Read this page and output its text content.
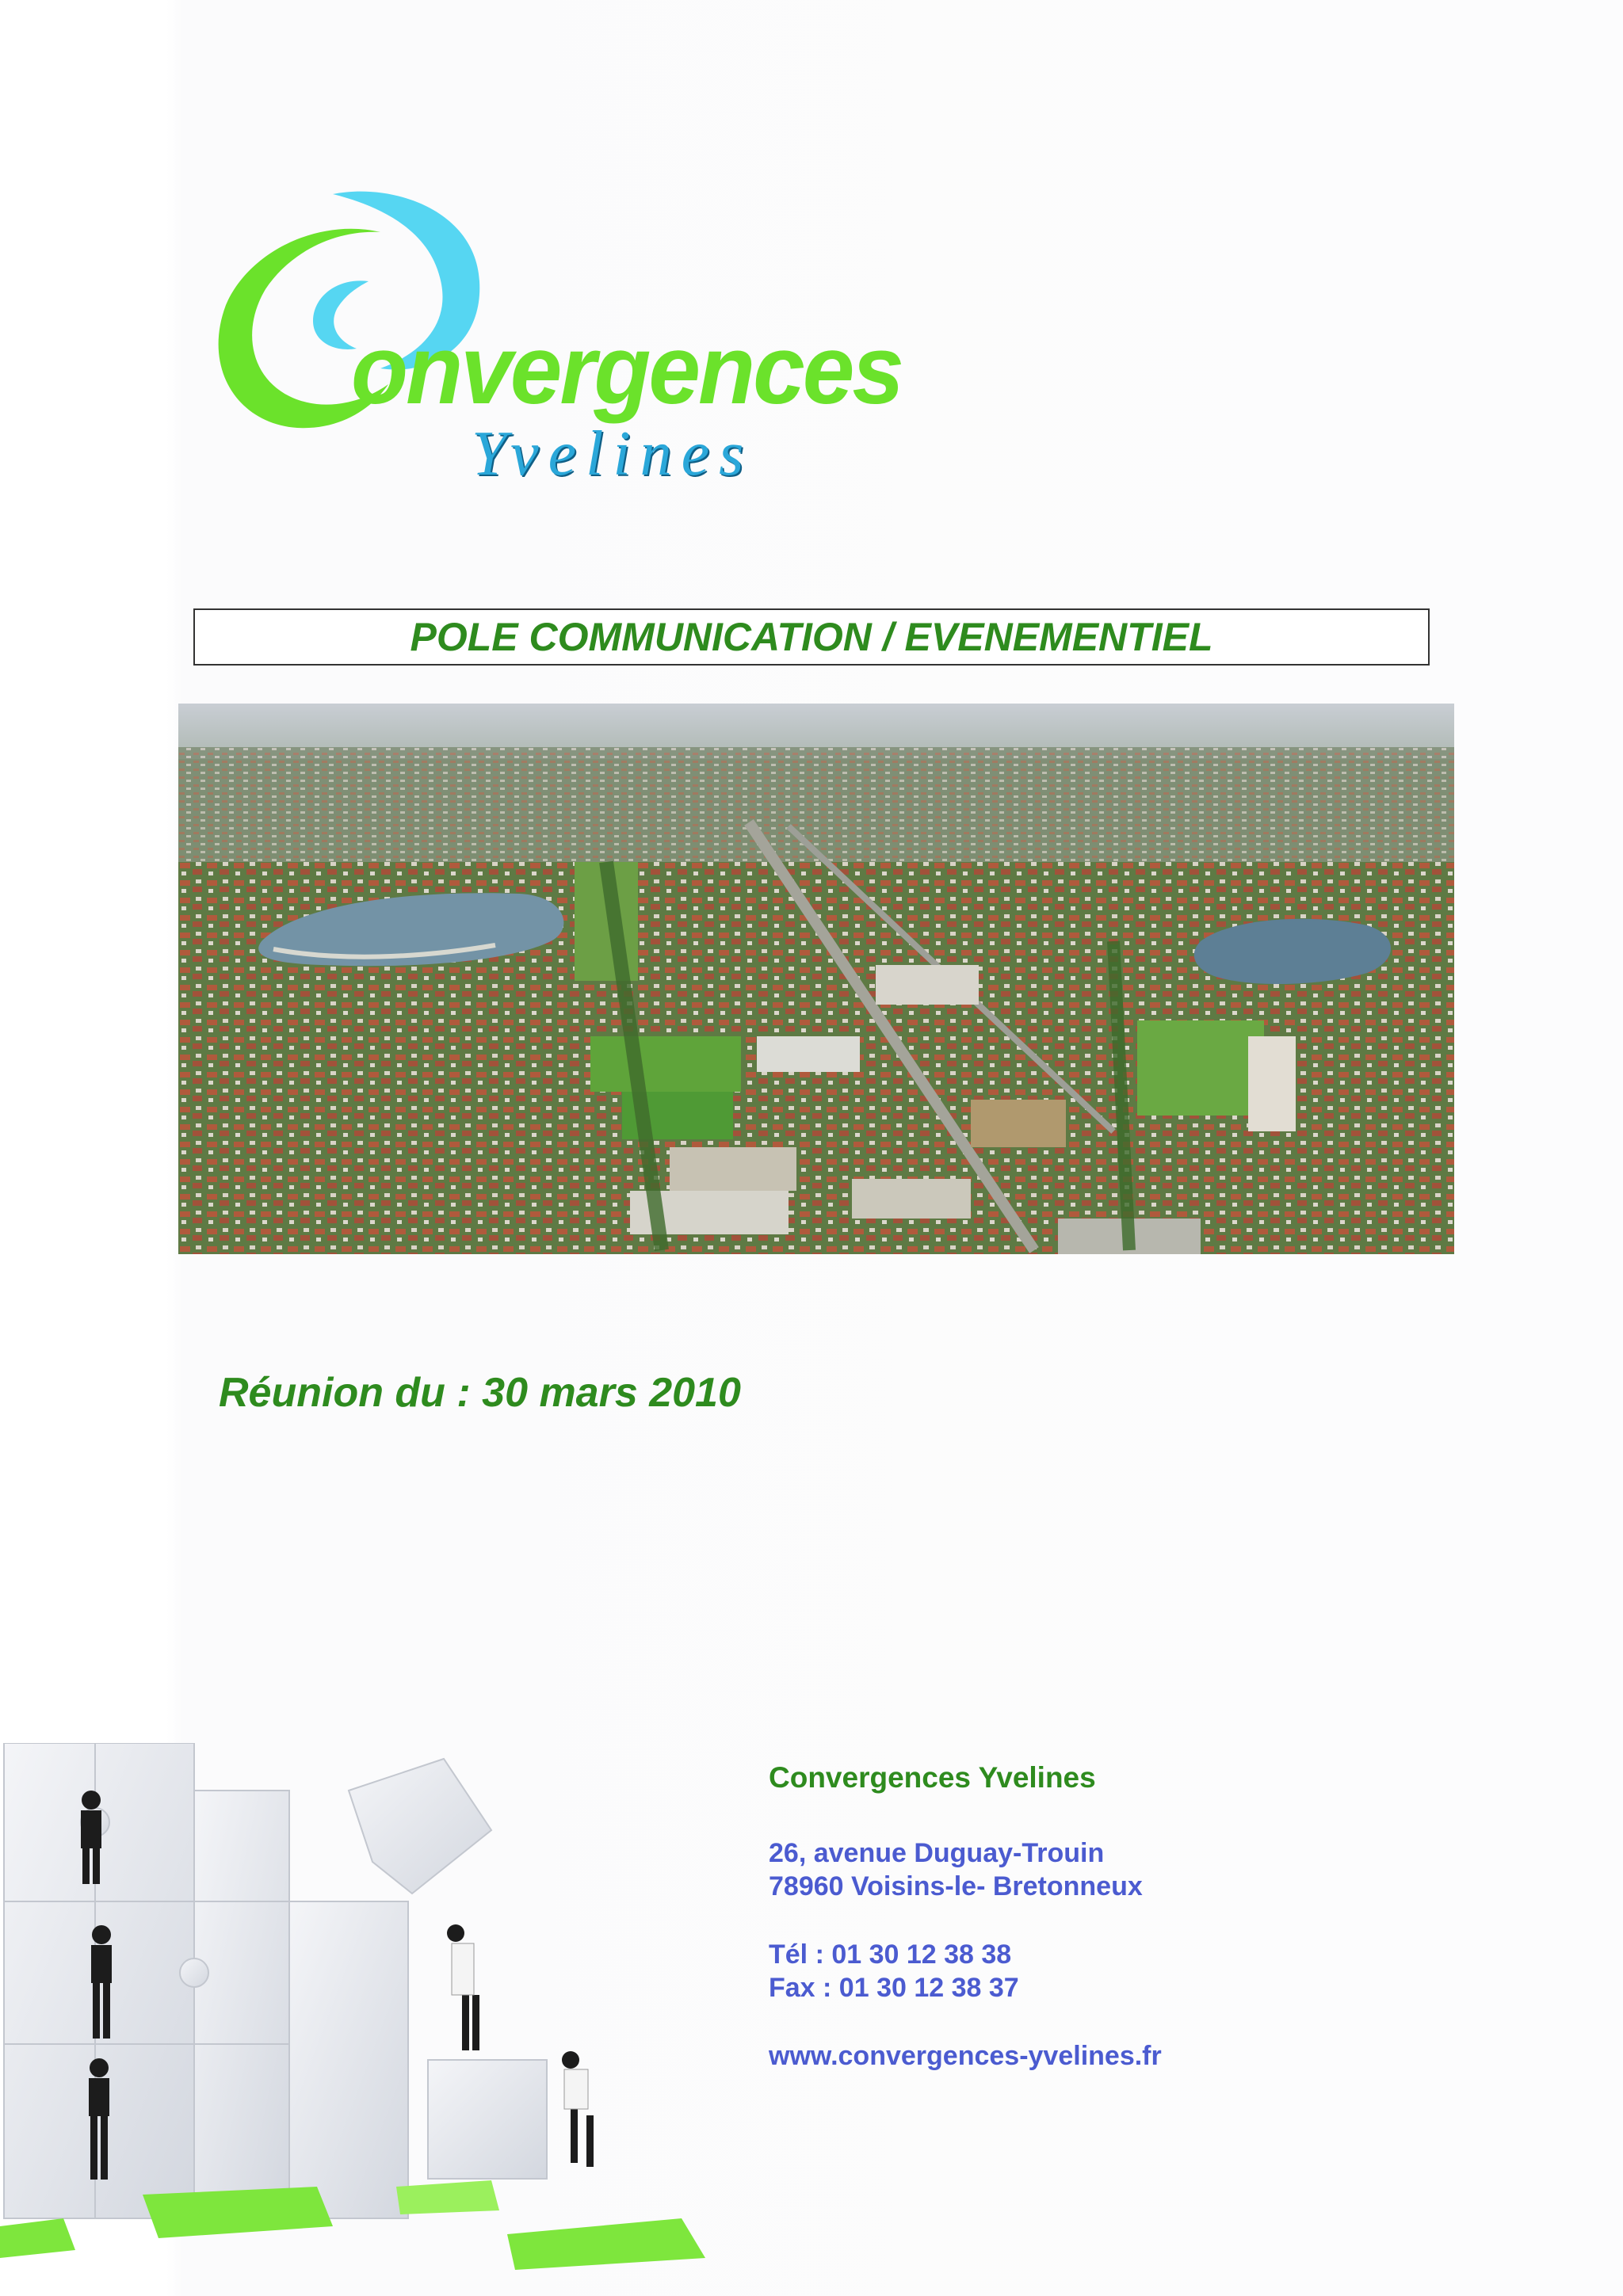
onvergences
Yvelines
POLE COMMUNICATION / EVENEMENTIEL
Réunion du : 30 mars 2010
Convergences Yvelines
26, avenue Duguay-Trouin
78960 Voisins-le- Bretonneux
Tél : 01 30 12 38 38
Fax : 01 30 12 38 37
www.convergences-yvelines.fr
